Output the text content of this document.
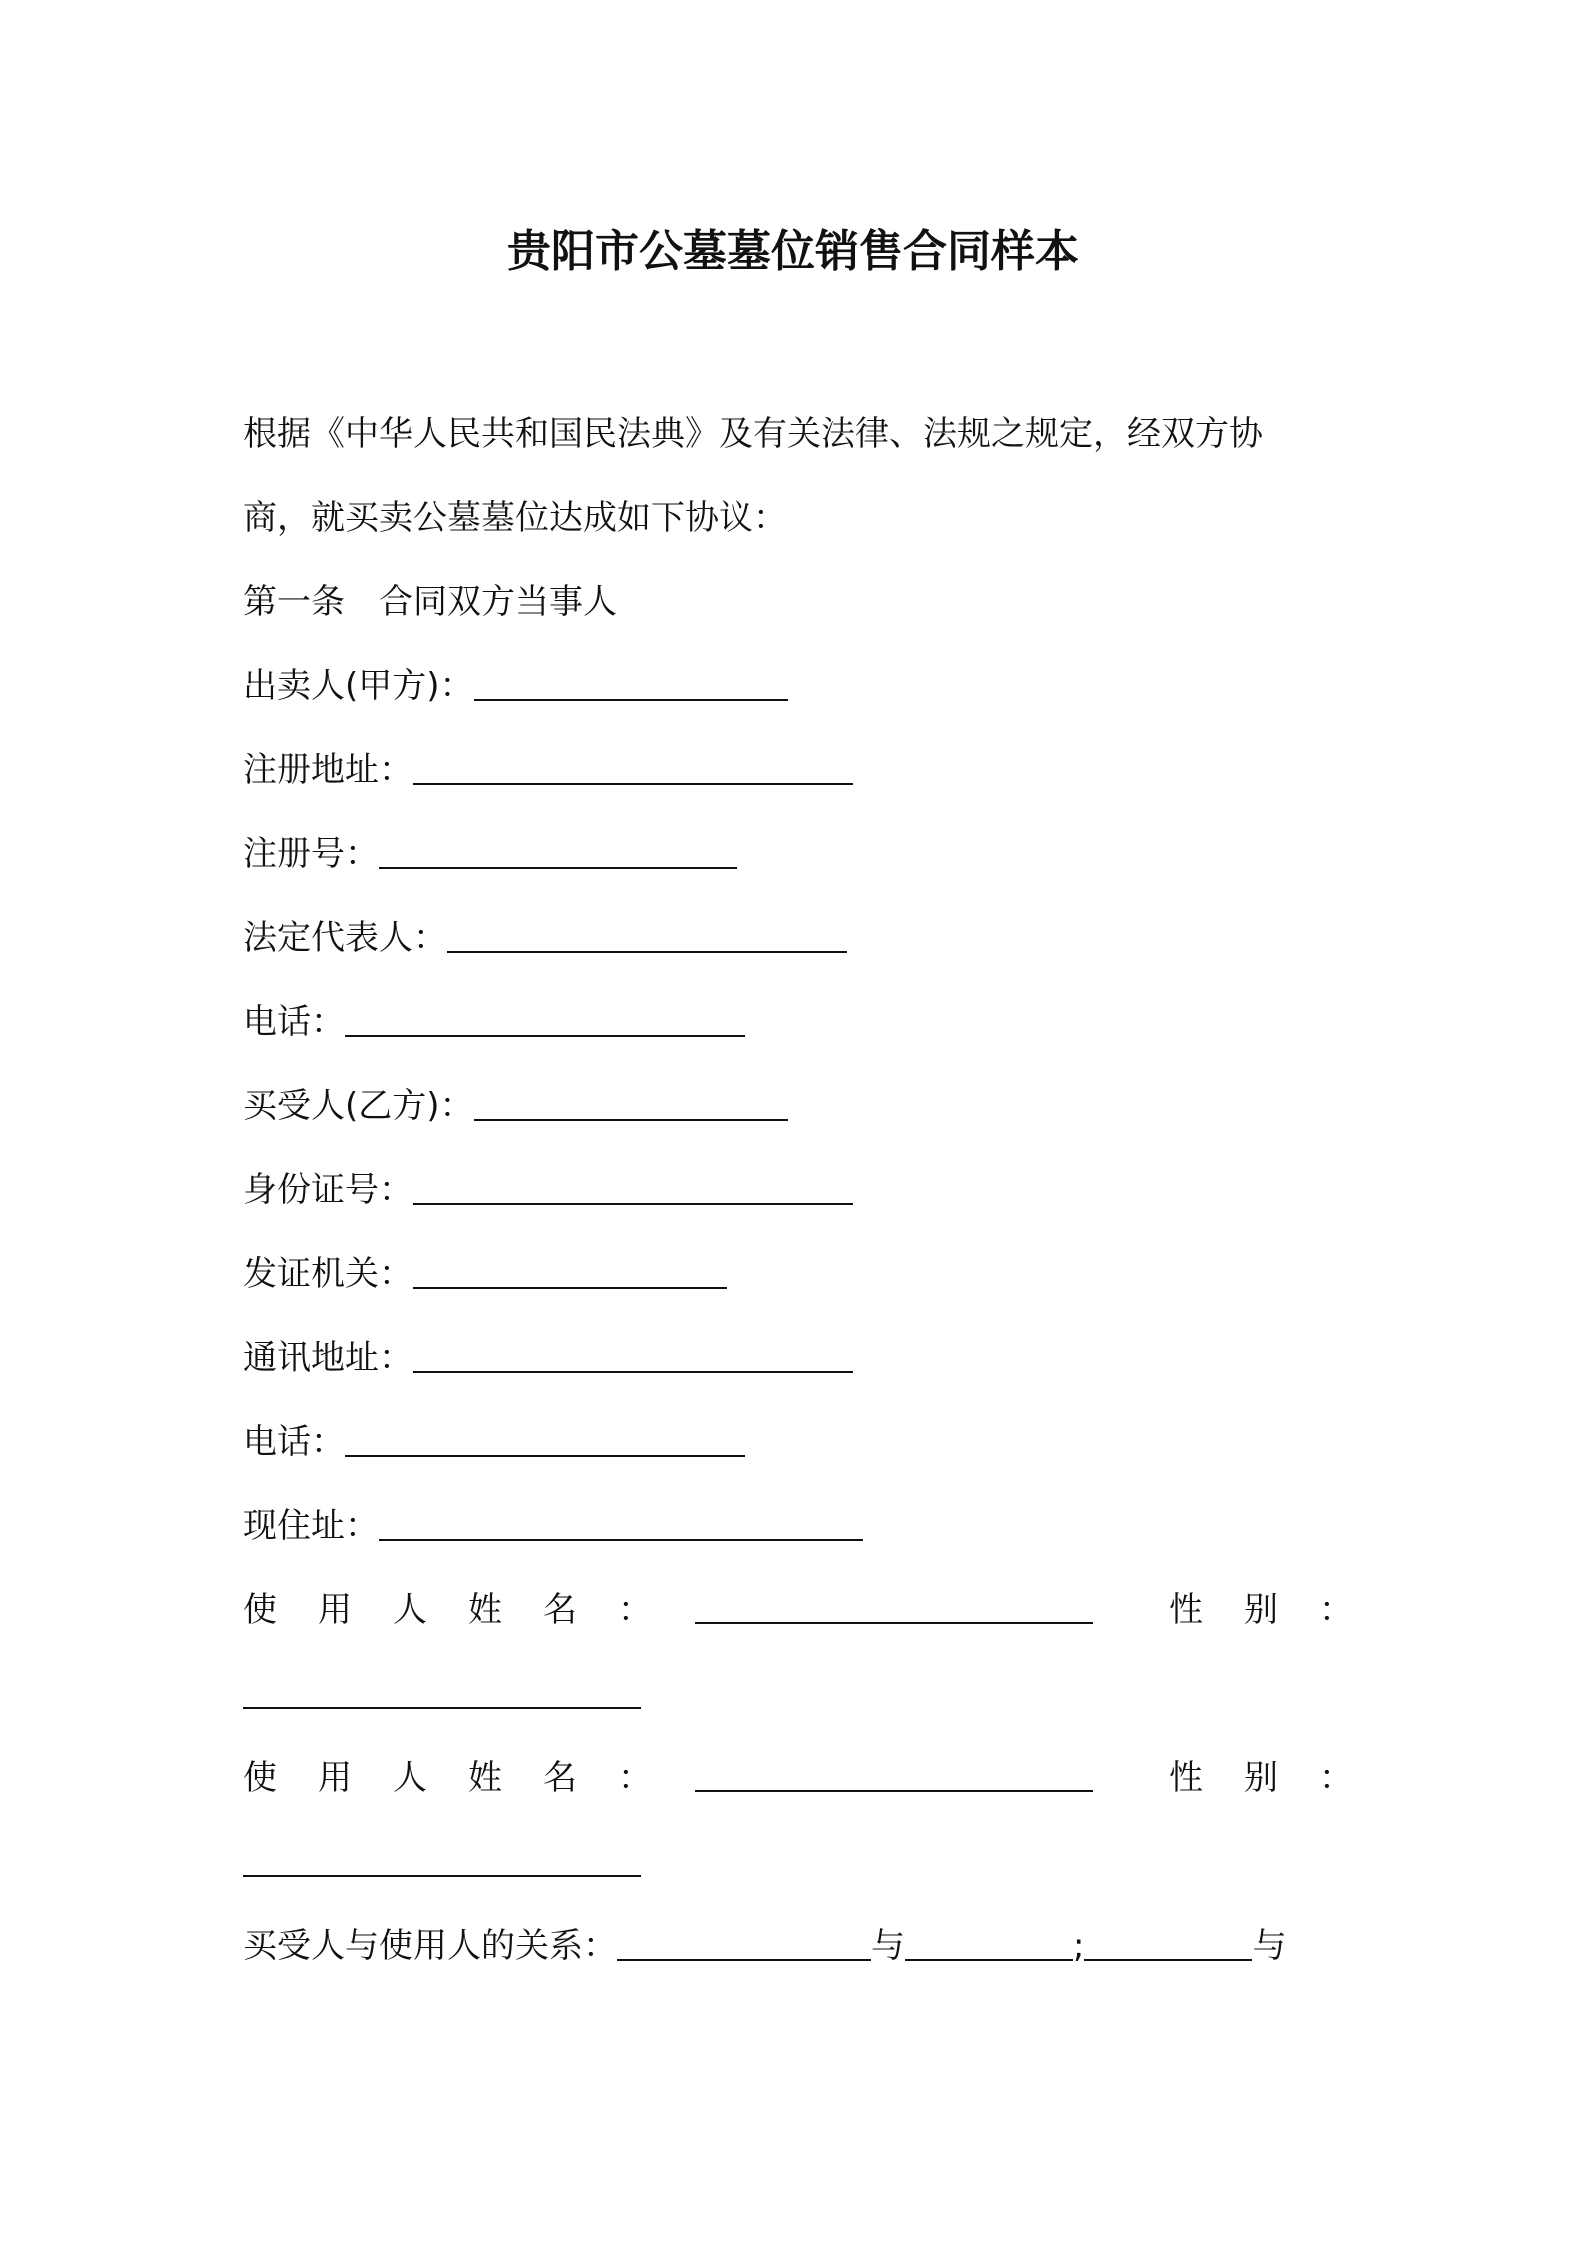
贵阳市公墓墓位销售合同样本
根据《中华人民共和国民法典》及有关法律、法规之规定，经双方协
商，就买卖公墓墓位达成如下协议：
第一条　合同双方当事人
出卖人(甲方)：
注册地址：
注册号：
法定代表人：
电话：
买受人(乙方)：
身份证号：
发证机关：
通讯地址：
电话：
现住址：
使 用 人 姓 名 ：	性 别 ：
使 用 人 姓 名 ：	性 别 ：
买受人与使用人的关系：	与	;	与
